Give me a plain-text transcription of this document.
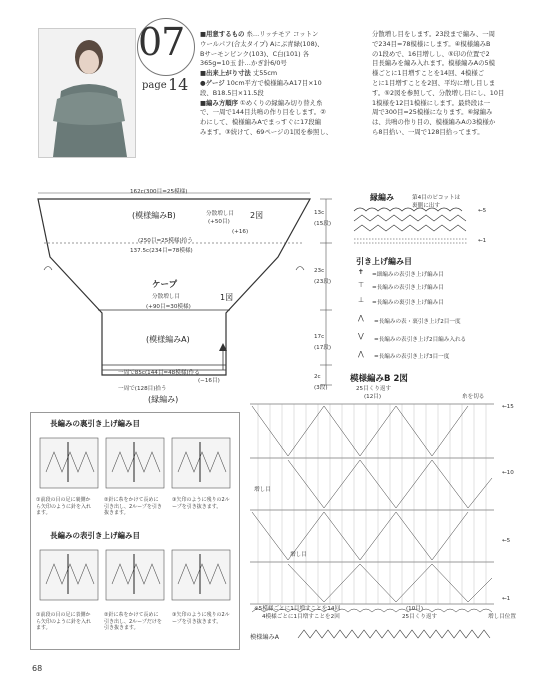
07
page 14
■用意するもの 糸…リッチモア コットン
ウールパフ(合太タイプ) Aにぶ青緑(108)、
Bサーモンピンク(103)、C白(101) 各
365g=10玉 針…かぎ針6/0号
■出来上がり寸法 丈55cm
●ゲージ 10cm平方で模様編みA17目×10
段、B18.5目×11.5段
■編み方順序 ①めくりの縁編み切り替え糸
で、一周で144目共鳴の作り目をします。②
わにして、模様編みAでまっすぐに17段編
みます。③続けて、69ページの1図を参照し、
分散増し目をします。23段まで編み、一周
で234目=78模様にします。④模様編みB
の1段めで、16目増しし、⑤印の位置で2
目長編みを編み入れます。模様編みAの5模
様ごとに1目増すことを14回、4模様ご
とに1目増すことを2回、平均に増し目しま
す。⑤2図を参照して、分散増し目にし、10目
1模様を12目1模様にします。最終段は一
周で300目=25模様になります。⑥縁編み
は、共鳴の作り目の、模様編みAの3模様か
ら8目拾い、一周で128目拾ってます。
162c(300目=25模様)
(模様編みB)	分散増し目
(+50目)
2図
(+16)
(250目=25模様)拾う
137.5c(234目=78模様)
ケープ
分散増し目
(+90目=30模様)
1図
(模様編みA)
一周で85c(144目=48模様)作る
(−16目)
一周で(128目)拾う
(縁編み)
13c
(15段)
23c
(23段)
17c
(17段)
2c
(3段)
縁編み	第4目のピコットは
裏側に出す
←5
←1
引き上げ編み目
✝ =細編みの表引き上げ編み目
⊤ =長編みの表引き上げ編み目
⊥ =長編みの裏引き上げ編み目
⋀ =長編みの表・裏引き上げ2目一度
⋁ =長編みの表引き上げ2目編み入れる
⋀ =長編みの表引き上げ3目一度
模様編みB 2図
25目くり返す
(12目)	糸を切る
←15
←10
←5
←1
増し目
増し目
※5模様ごとに1目増すことを14回
4模様ごとに1目増すことを2回
(10目)
25目くり返す	増し目位置
模様編みA
長編みの裏引き上げ編み目
①前段の目の足に裏側から矢印のように針を入れます。
②針に糸をかけて長めに引き出し、2ループを引き抜きます。
③矢印のように残りの2ループを引き抜きます。
長編みの表引き上げ編み目
①前段の目の足に表側から矢印のように針を入れます。
②針に糸をかけて長めに引き出し、2ループだけを引き抜きます。
③矢印のように残りの2ループを引き抜きます。
68
